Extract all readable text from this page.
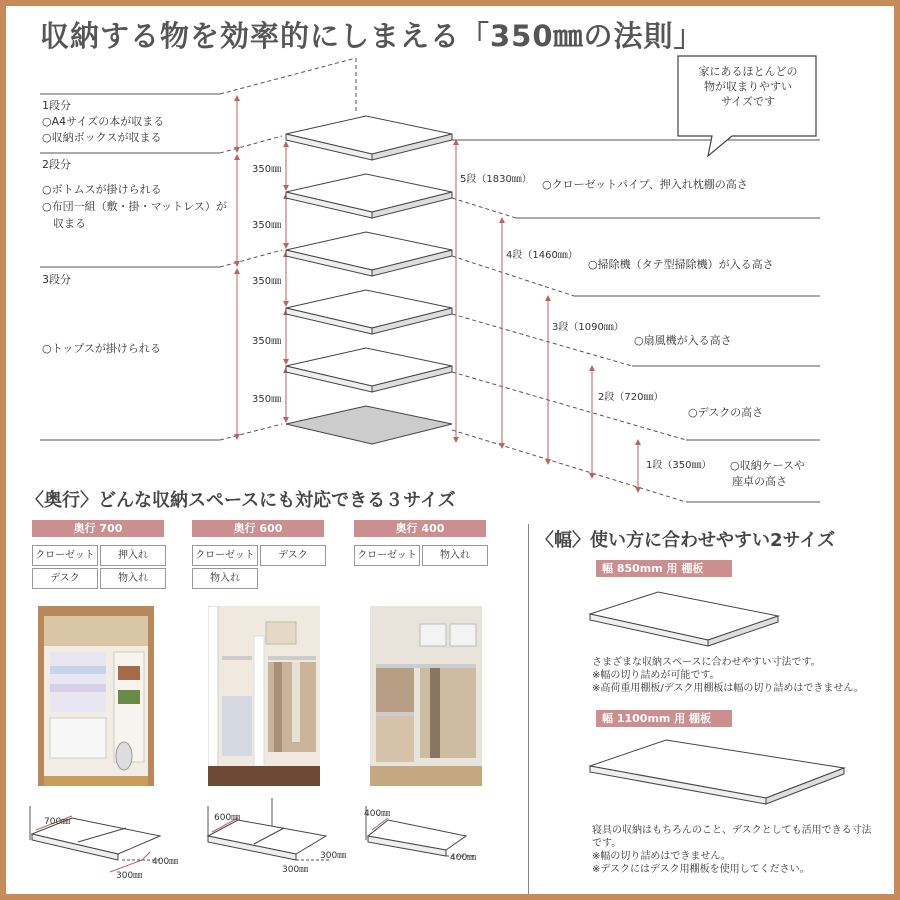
収納する物を効率的にしまえる「350㎜の法則」
家にあるほとんどの
物が収まりやすい
サイズです
1段分
○A4サイズの本が収まる
○収納ボックスが収まる
2段分
○ボトムスが掛けられる
○布団一組（敷・掛・マットレス）が
　収まる
3段分
○トップスが掛けられる
350㎜
350㎜
350㎜
350㎜
350㎜
5段（1830㎜） ○クローゼットパイプ、押入れ枕棚の高さ
4段（1460㎜）
○掃除機（タテ型掃除機）が入る高さ
3段（1090㎜）
○扇風機が入る高さ
2段（720㎜）
○デスクの高さ
1段（350㎜） ○収納ケースや
座卓の高さ
〈奥行〉どんな収納スペースにも対応できる３サイズ
奥行 700
クローゼット	押入れ
デスク	物入れ
奥行 600
クローゼット	デスク
物入れ
奥行 400
クローゼット	物入れ
700㎜
400㎜
300㎜
600㎜
300㎜
300㎜
400㎜
400㎜
〈幅〉使い方に合わせやすい2サイズ
幅 850mm 用 棚板
さまざまな収納スペースに合わせやすい寸法です。
※幅の切り詰めが可能です。
※高荷重用棚板/デスク用棚板は幅の切り詰めはできません。
幅 1100mm 用 棚板
寝具の収納はもちろんのこと、デスクとしても活用できる寸法
です。
※幅の切り詰めはできません。
※デスクにはデスク用棚板を使用してください。
